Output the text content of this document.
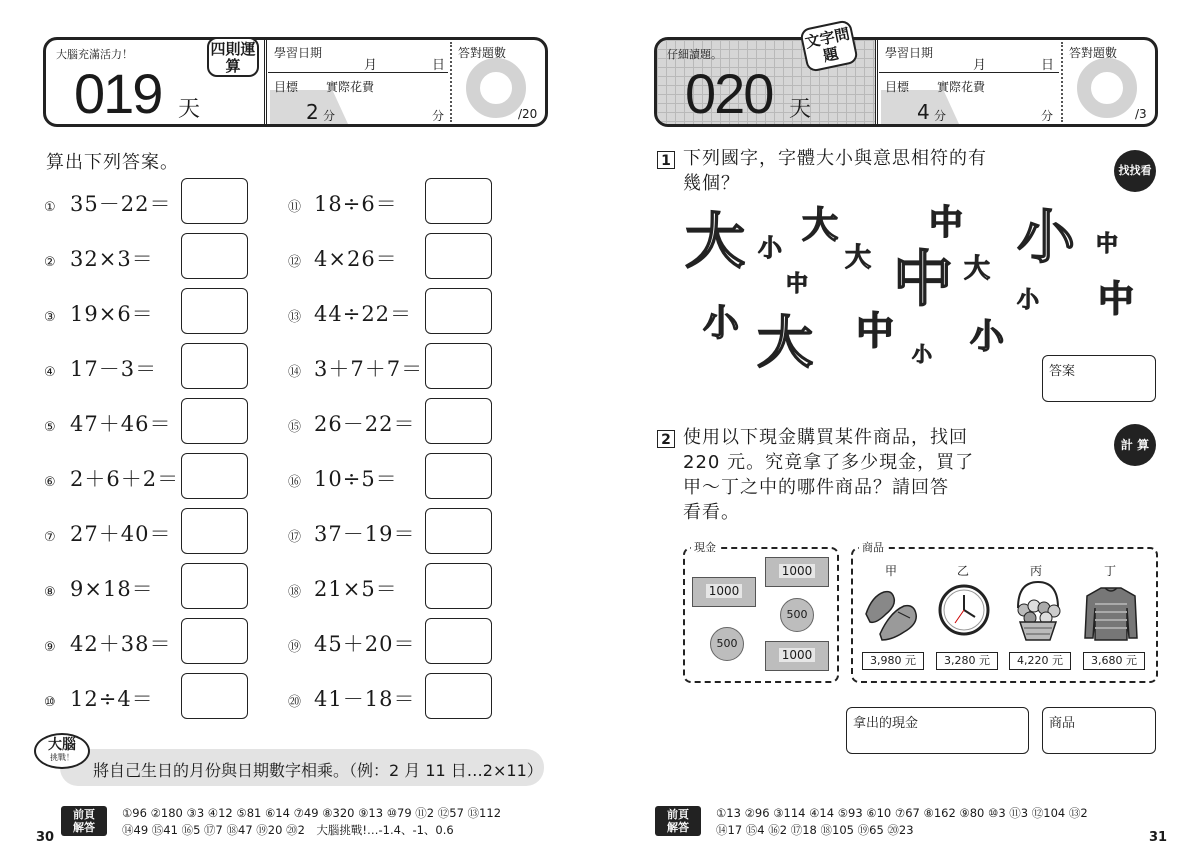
大腦充滿活力！
019 天
四則運算
學習日期
月	日
目標 實際花費
2 分	分
答對題數
/20
算出下列答案。
① 35－22＝
② 32×3＝
③ 19×6＝
④ 17－3＝
⑤ 47＋46＝
⑥ 2＋6＋2＝
⑦ 27＋40＝
⑧ 9×18＝
⑨ 42＋38＝
⑩ 12÷4＝
⑪ 18÷6＝
⑫ 4×26＝
⑬ 44÷22＝
⑭ 3＋7＋7＝
⑮ 26－22＝
⑯ 10÷5＝
⑰ 37－19＝
⑱ 21×5＝
⑲ 45＋20＝
⑳ 41－18＝
大腦
挑戰！
將自己生日的月份與日期數字相乘。（例：2 月 11 日…2×11）
前頁解答
①96 ②180 ③3 ④12 ⑤81 ⑥14 ⑦49 ⑧320 ⑨13 ⑩79 ⑪2 ⑫57 ⑬112
⑭49 ⑮41 ⑯5 ⑰7 ⑱47 ⑲20 ⑳2　大腦挑戰!…-1.4、-1、0.6
30
仔細讀題。
020 天
文字問題	學習日期
月	日
目標 實際花費
4 分	分
答對題數
/3
1 下列國字，字體大小與意思相符的有
幾個？
找找看
大 小
大
大
中
中 中 大 小 中
中
小
小
大 中
小 小
答案
2 使用以下現金購買某件商品，找回
220 元。究竟拿了多少現金，買了
甲～丁之中的哪件商品？請回答
看看。
計 算
現金
1000
1000
1000
500
500
商品
甲	乙	丙	丁
3,980 元	3,280 元	4,220 元	3,680 元
拿出的現金	商品
前頁解答
①13 ②96 ③114 ④14 ⑤93 ⑥10 ⑦67 ⑧162 ⑨80 ⑩3 ⑪3 ⑫104 ⑬2
⑭17 ⑮4 ⑯2 ⑰18 ⑱105 ⑲65 ⑳23	31
